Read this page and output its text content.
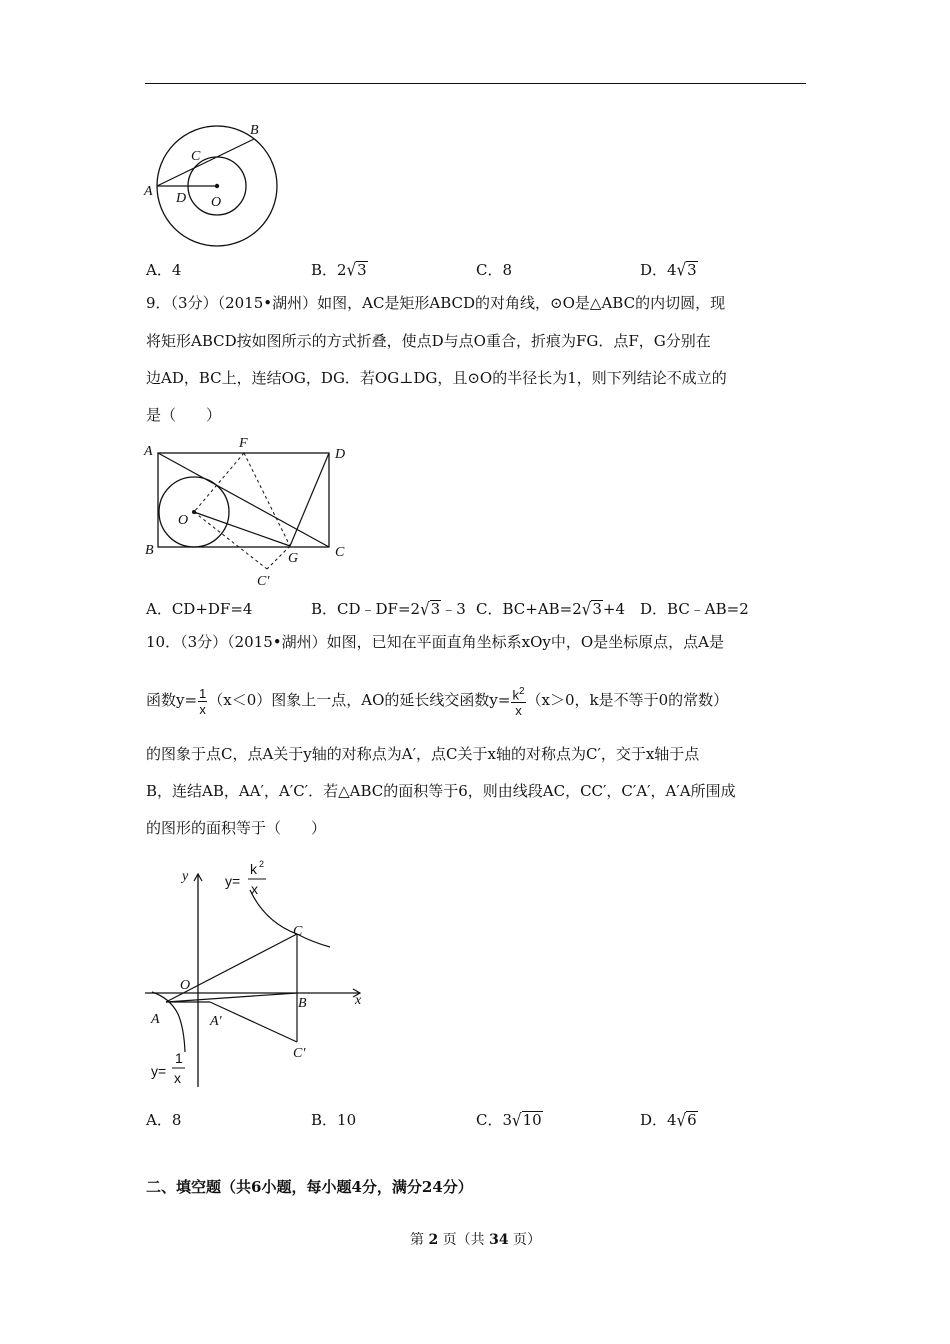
A
B
C
D O
A．4	B．2√3	C．8	D．4√3
9．（3分）（2015•湖州）如图，AC是矩形ABCD的对角线，⊙O是△ABC的内切圆，现
将矩形ABCD按如图所示的方式折叠，使点D与点O重合，折痕为FG．点F，G分别在
边AD，BC上，连结OG，DG．若OG⊥DG，且⊙O的半径长为1，则下列结论不成立的
是（　　）
A	D
B	C
F
O
G
C′
A．CD+DF=4	B．CD﹣DF=2√3﹣3 C．BC+AB=2√3+4 D．BC﹣AB=2
10．（3分）（2015•湖州）如图，已知在平面直角坐标系xOy中，O是坐标原点，点A是
函数$y= \frac{1}{x} (x<0)$图象上一点，AO的延长线交函数$y= \frac{k^2}{x} (x>0$，k是不等于0的常数）
的图象于点C，点A关于y轴的对称点为A′，点C关于x轴的对称点为C′，交于x轴于点
B，连结AB，AA′，A′C′．若△ABC的面积等于6，则由线段AC，CC′，C′A′，A′A所围成
的图形的面积等于（　　）
y
x
O
A	A′
B
C
C′
y=
k 2
x
y=
1
x
A．8	B．10	C．3√10	D．4√6
二、填空题（共6小题，每小题4分，满分24分）
第 2 页（共 34 页）
